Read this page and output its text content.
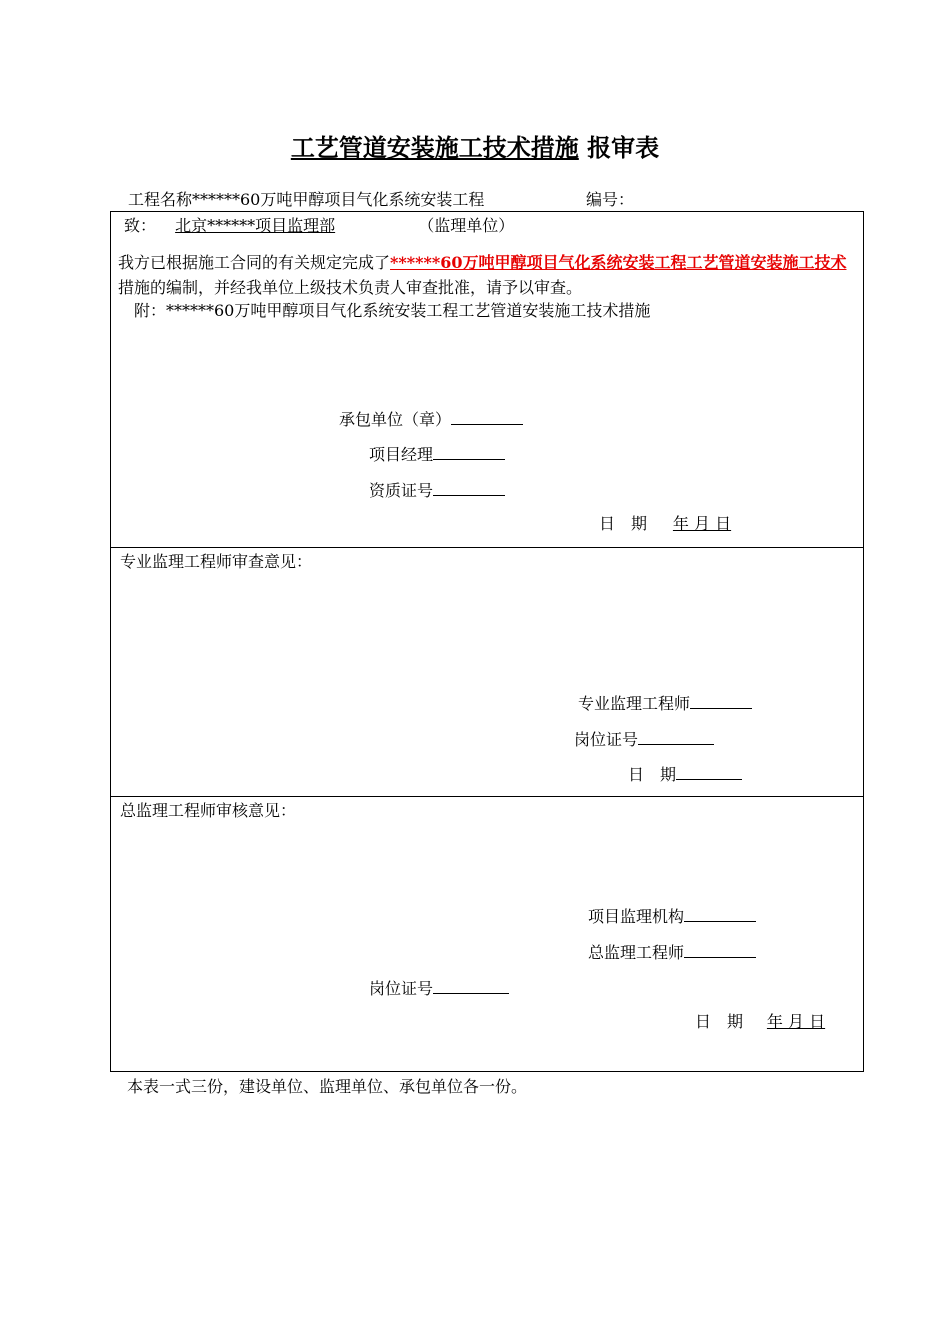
工艺管道安装施工技术措施 报审表
工程名称******60万吨甲醇项目气化系统安装工程	编号：
致： 北京******项目监理部	（监理单位）
我方已根据施工合同的有关规定完成了******60万吨甲醇项目气化系统安装工程工艺管道安装施工技术措施的编制，并经我单位上级技术负责人审查批准，请予以审查。
附：******60万吨甲醇项目气化系统安装工程工艺管道安装施工技术措施
承包单位（章）
项目经理
资质证号
日　期 年 月 日
专业监理工程师审查意见：
专业监理工程师
岗位证号
日　期
总监理工程师审核意见：
项目监理机构
总监理工程师
岗位证号
日　期 年 月 日
本表一式三份，建设单位、监理单位、承包单位各一份。
